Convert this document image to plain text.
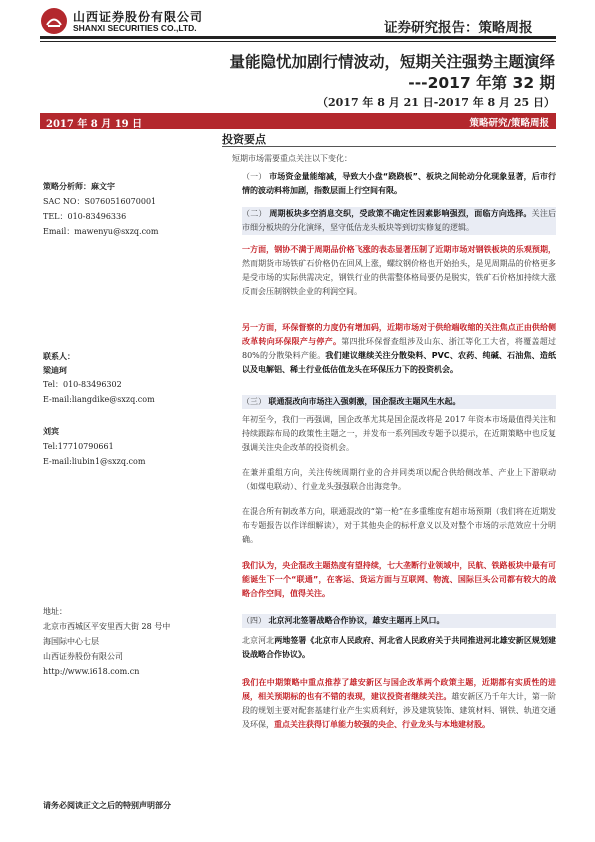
山西证券股份有限公司
SHANXI SECURITIES CO.,LTD.	证券研究报告：策略周报
量能隐忧加剧行情波动，短期关注强势主题演绎
---2017 年第 32 期
（2017 年 8 月 21 日-2017 年 8 月 25 日）
2017 年 8 月 19 日	策略研究/策略周报
投资要点
策略分析师：麻文宇
SAC NO：S0760516070001
TEL：010-83496336
Email：mawenyu@sxzq.com
联系人：
梁迪珂
Tel：010-83496302
E-mail:liangdike@sxzq.com
刘宾
Tel:17710790661
E-mail:liubin1@sxzq.com
地址：
北京市西城区平安里西大街 28 号中
海国际中心七层
山西证券股份有限公司
http://www.i618.com.cn
短期市场需要重点关注以下变化：
（一） 市场资金量能缩减，导致大小盘“跷跷板”、板块之间轮动分化现象显著，后市行情的波动料将加剧，指数层面上行空间有限。
（二） 周期板块多空消息交织，受政策不确定性因素影响强烈，面临方向选择。关注后市细分板块的分化演绎，坚守低估龙头板块等到切实修复的逻辑。
一方面，钢协不满于周期品价格飞涨的表态显著压制了近期市场对钢铁板块的乐观预期，然而期货市场铁矿石价格仍在回风上涨，螺纹钢价格也开始抬头，是见周期品的价格更多是受市场的实际供需决定，钢铁行业的供需整体格局要仍是脱实，铁矿石价格加持续大涨反而会压制钢铁企业的利润空间。
另一方面，环保督察的力度仍有增加码，近期市场对于供给端收缩的关注焦点正由供给侧改革转向环保限产与停产。第四批环保督查组涉及山东、浙江等化工大省，将覆盖超过 80%的分散染料产能。我们建议继续关注分散染料、PVC、农药、纯碱、石油焦、造纸以及电解铝、稀土行业低估值龙头在环保压力下的投资机会。
（三） 联通混改向市场注入强刺激，国企混改主题风生水起。
年初至今，我们一再强调，国企改革尤其是国企混改将是 2017 年资本市场最值得关注和持续跟踪布局的政策性主题之一，并发布一系列国改专题予以提示，在近期策略中也反复强调关注央企改革的投资机会。
在兼并重组方向，关注传统周期行业的合并同类项以配合供给侧改革、产业上下游联动（如煤电联动）、行业龙头强强联合出海竞争。
在混合所有制改革方向，联通混改的“第一枪”在多重维度有超市场预期（我们将在近期发布专题报告以作详细解读），对于其他央企的标杆意义以及对整个市场的示范效应十分明确。
我们认为，央企混改主题热度有望持续，七大垄断行业领域中，民航、铁路板块中最有可能诞生下一个“联通”，在客运、货运方面与互联网、物流、国际巨头公司都有较大的战略合作空间，值得关注。
（四） 北京河北签署战略合作协议，雄安主题再上风口。
北京河北两地签署《北京市人民政府、河北省人民政府关于共同推进河北雄安新区规划建设战略合作协议》。
我们在中期策略中重点推荐了雄安新区与国企改革两个政策主题，近期都有实质性的进展，相关预期标的也有不错的表现，建议投资者继续关注。雄安新区乃千年大计，第一阶段的规划主要对配套基建行业产生实质利好，涉及建筑装饰、建筑材料、钢铁、轨道交通及环保，重点关注获得订单能力较强的央企、行业龙头与本地建材股。
请务必阅读正文之后的特别声明部分
